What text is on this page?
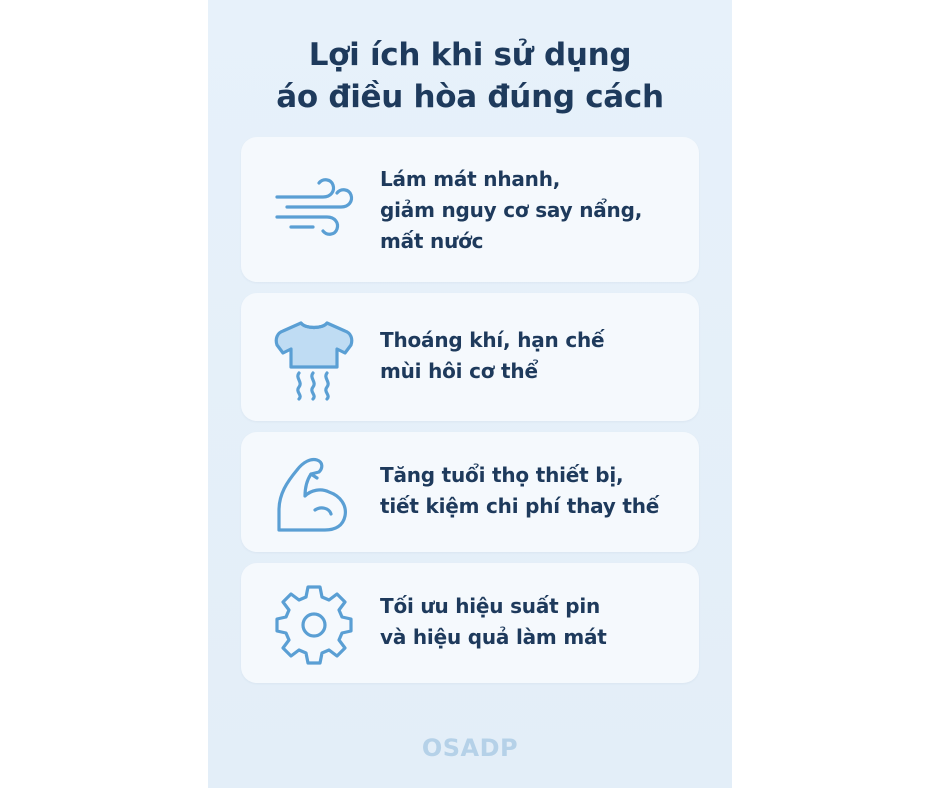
Lợi ích khi sử dụng
áo điều hòa đúng cách
Lám mát nhanh,
giảm nguy cơ say nẩng,
mất nước
Thoáng khí, hạn chế
mùi hôi cơ thể
Tăng tuổi thọ thiết bị,
tiết kiệm chi phí thay thế
Tối ưu hiệu suất pin
và hiệu quả làm mát
OSADP
